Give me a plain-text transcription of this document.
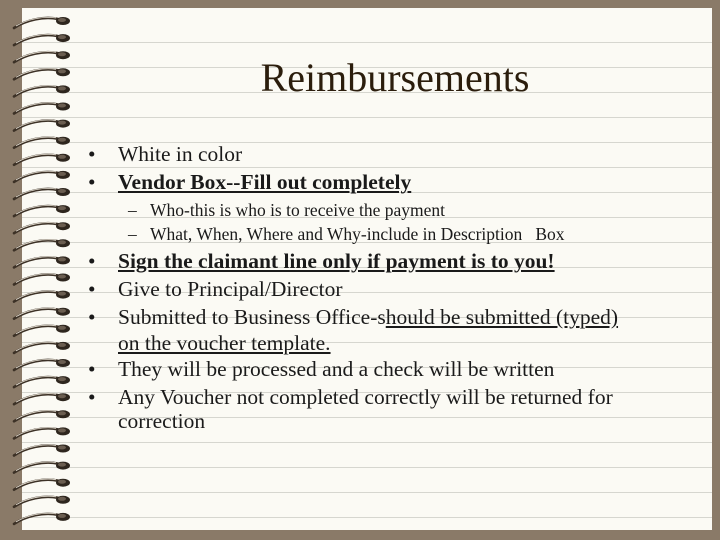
Reimbursements
• White in color
• Vendor Box--Fill out completely
– Who-this is who is to receive the payment
– What, When, Where and Why-include in Description   Box
• Sign the claimant line only if payment is to you!
• Give to Principal/Director
• Submitted to Business Office-should be submitted (typed)
on the voucher template.
• They will be processed and a check will be written
• Any Voucher not completed correctly will be returned for
correction
